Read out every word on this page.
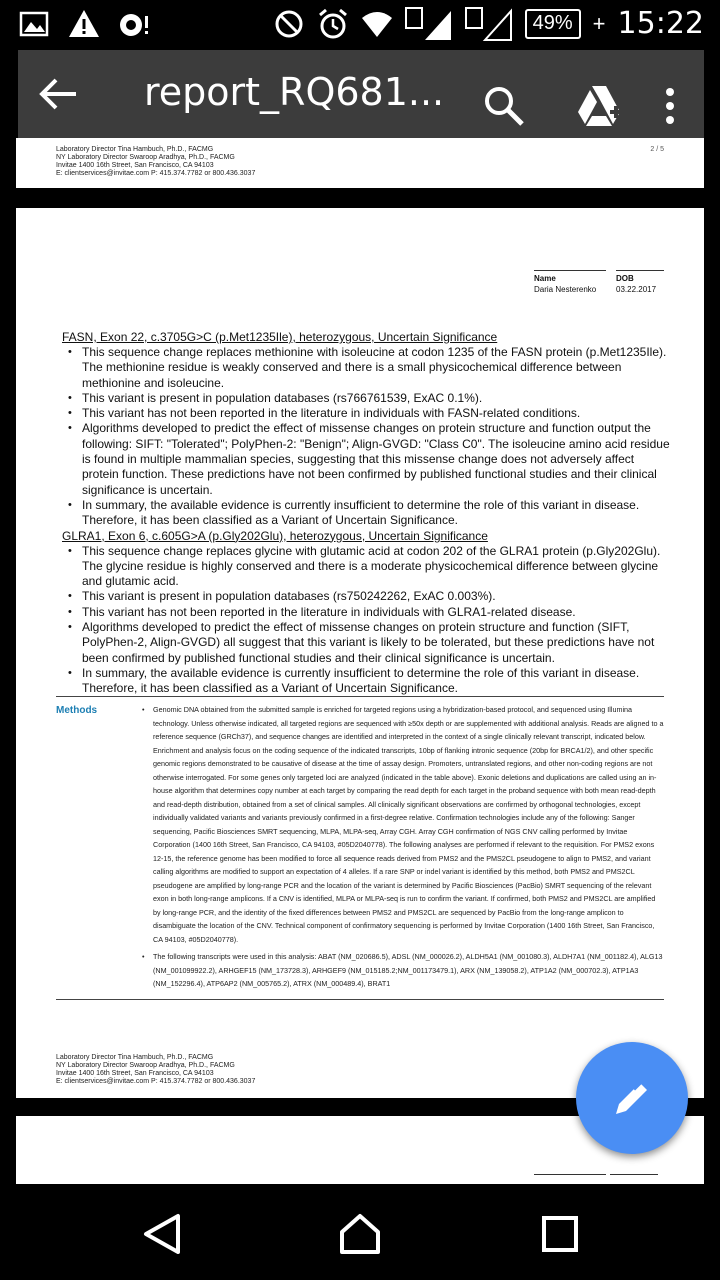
49% + 15:22
report_RQ681...
Laboratory Director Tina Hambuch, Ph.D., FACMG
NY Laboratory Director Swaroop Aradhya, Ph.D., FACMG
Invitae 1400 16th Street, San Francisco, CA 94103
E: clientservices@invitae.com P: 415.374.7782 or 800.436.3037
2 / 5
Name
Daria Nesterenko
DOB
03.22.2017
FASN, Exon 22, c.3705G>C (p.Met1235Ile), heterozygous, Uncertain Significance
• This sequence change replaces methionine with isoleucine at codon 1235 of the FASN protein (p.Met1235Ile). The methionine residue is weakly conserved and there is a small physicochemical difference between methionine and isoleucine.
• This variant is present in population databases (rs766761539, ExAC 0.1%).
• This variant has not been reported in the literature in individuals with FASN-related conditions.
• Algorithms developed to predict the effect of missense changes on protein structure and function output the following: SIFT: "Tolerated"; PolyPhen-2: "Benign"; Align-GVGD: "Class C0". The isoleucine amino acid residue is found in multiple mammalian species, suggesting that this missense change does not adversely affect protein function. These predictions have not been confirmed by published functional studies and their clinical significance is uncertain.
• In summary, the available evidence is currently insufficient to determine the role of this variant in disease. Therefore, it has been classified as a Variant of Uncertain Significance.
GLRA1, Exon 6, c.605G>A (p.Gly202Glu), heterozygous, Uncertain Significance
• This sequence change replaces glycine with glutamic acid at codon 202 of the GLRA1 protein (p.Gly202Glu). The glycine residue is highly conserved and there is a moderate physicochemical difference between glycine and glutamic acid.
• This variant is present in population databases (rs750242262, ExAC 0.003%).
• This variant has not been reported in the literature in individuals with GLRA1-related disease.
• Algorithms developed to predict the effect of missense changes on protein structure and function (SIFT, PolyPhen-2, Align-GVGD) all suggest that this variant is likely to be tolerated, but these predictions have not been confirmed by published functional studies and their clinical significance is uncertain.
• In summary, the available evidence is currently insufficient to determine the role of this variant in disease. Therefore, it has been classified as a Variant of Uncertain Significance.
Methods
•	Genomic DNA obtained from the submitted sample is enriched for targeted regions using a hybridization-based protocol, and sequenced using Illumina technology. Unless otherwise indicated, all targeted regions are sequenced with ≥50x depth or are supplemented with additional analysis. Reads are aligned to a reference sequence (GRCh37), and sequence changes are identified and interpreted in the context of a single clinically relevant transcript, indicated below. Enrichment and analysis focus on the coding sequence of the indicated transcripts, 10bp of flanking intronic sequence (20bp for BRCA1/2), and other specific genomic regions demonstrated to be causative of disease at the time of assay design. Promoters, untranslated regions, and other non-coding regions are not otherwise interrogated. For some genes only targeted loci are analyzed (indicated in the table above). Exonic deletions and duplications are called using an in-house algorithm that determines copy number at each target by comparing the read depth for each target in the proband sequence with both mean read-depth and read-depth distribution, obtained from a set of clinical samples. All clinically significant observations are confirmed by orthogonal technologies, except individually validated variants and variants previously confirmed in a first-degree relative. Confirmation technologies include any of the following: Sanger sequencing, Pacific Biosciences SMRT sequencing, MLPA, MLPA-seq, Array CGH. Array CGH confirmation of NGS CNV calling performed by Invitae Corporation (1400 16th Street, San Francisco, CA 94103, #05D2040778). The following analyses are performed if relevant to the requisition. For PMS2 exons 12-15, the reference genome has been modified to force all sequence reads derived from PMS2 and the PMS2CL pseudogene to align to PMS2, and variant calling algorithms are modified to support an expectation of 4 alleles. If a rare SNP or indel variant is identified by this method, both PMS2 and PMS2CL pseudogene are amplified by long-range PCR and the location of the variant is determined by Pacific Biosciences (PacBio) SMRT sequencing of the relevant exon in both long-range amplicons. If a CNV is identified, MLPA or MLPA-seq is run to confirm the variant. If confirmed, both PMS2 and PMS2CL are amplified by long-range PCR, and the identity of the fixed differences between PMS2 and PMS2CL are sequenced by PacBio from the long-range amplicon to disambiguate the location of the CNV. Technical component of confirmatory sequencing is performed by Invitae Corporation (1400 16th Street, San Francisco, CA 94103, #05D2040778).
• The following transcripts were used in this analysis: ABAT (NM_020686.5), ADSL (NM_000026.2), ALDH5A1 (NM_001080.3), ALDH7A1 (NM_001182.4), ALG13 (NM_001099922.2), ARHGEF15 (NM_173728.3), ARHGEF9 (NM_015185.2;NM_001173479.1), ARX (NM_139058.2), ATP1A2 (NM_000702.3), ATP1A3 (NM_152296.4), ATP6AP2 (NM_005765.2), ATRX (NM_000489.4), BRAT1
Laboratory Director Tina Hambuch, Ph.D., FACMG
NY Laboratory Director Swaroop Aradhya, Ph.D., FACMG
Invitae 1400 16th Street, San Francisco, CA 94103
E: clientservices@invitae.com P: 415.374.7782 or 800.436.3037
